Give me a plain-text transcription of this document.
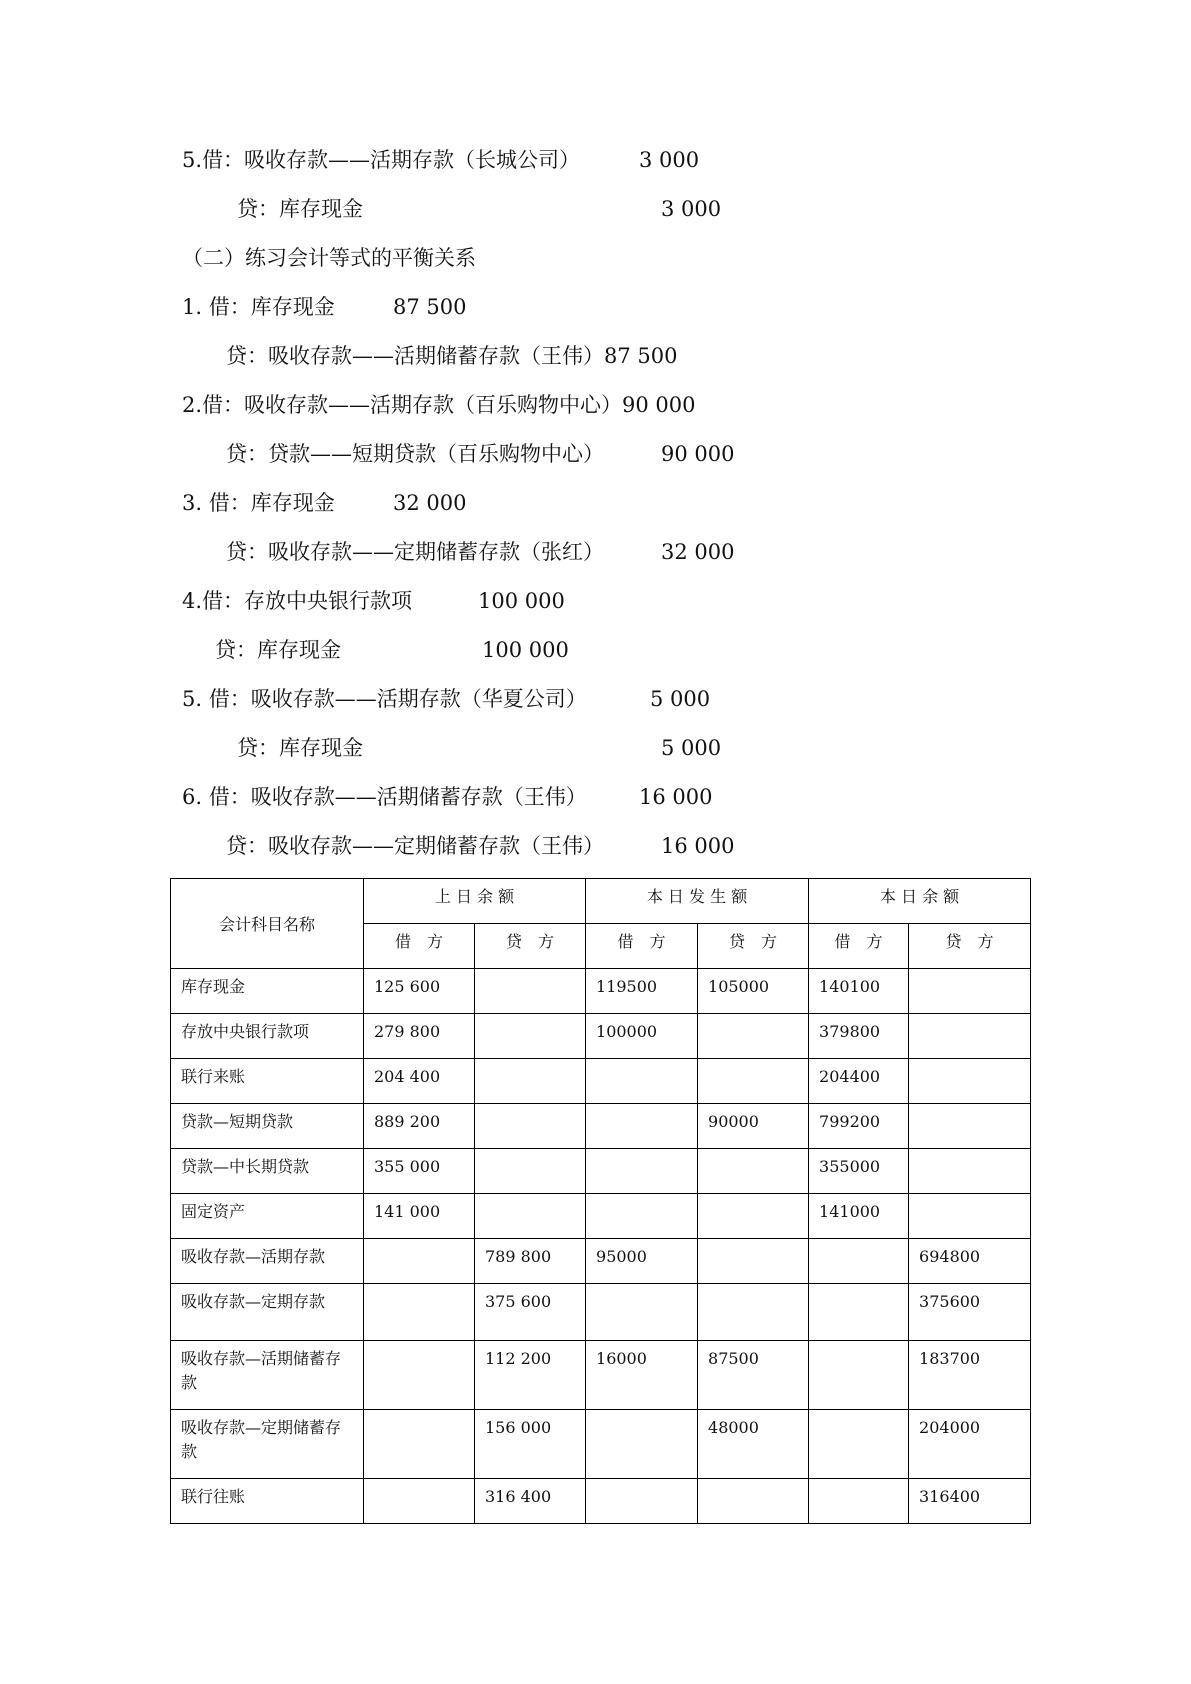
5.借：吸收存款——活期存款（长城公司）	3 000
贷：库存现金	3 000
（二）练习会计等式的平衡关系
1. 借：库存现金	87 500
贷：吸收存款——活期储蓄存款（王伟）87 500
2.借：吸收存款——活期存款（百乐购物中心）90 000
贷：贷款——短期贷款（百乐购物中心）	90 000
3. 借：库存现金	32 000
贷：吸收存款——定期储蓄存款（张红）	32 000
4.借：存放中央银行款项	100 000
贷：库存现金	100 000
5. 借：吸收存款——活期存款（华夏公司）	5 000
贷：库存现金	5 000
6. 借：吸收存款——活期储蓄存款（王伟） 16 000
贷：吸收存款——定期储蓄存款（王伟）	16 000
会计科目名称	上 日 余 额		本 日 发 生 额		本 日 余 额	
	借　方	贷　方	借　方	贷　方	借　方	贷　方
库存现金	125 600		119500	105000	140100	
存放中央银行款项	279 800		100000		379800	
联行来账	204 400				204400	
贷款—短期贷款	889 200			90000	799200	
贷款—中长期贷款	355 000				355000	
固定资产	141 000				141000	
吸收存款—活期存款		789 800	95000			694800
吸收存款—定期存款		375 600				375600
吸收存款—活期储蓄存款		112 200	16000	87500		183700
吸收存款—定期储蓄存款		156 000		48000		204000
联行往账		316 400				316400
